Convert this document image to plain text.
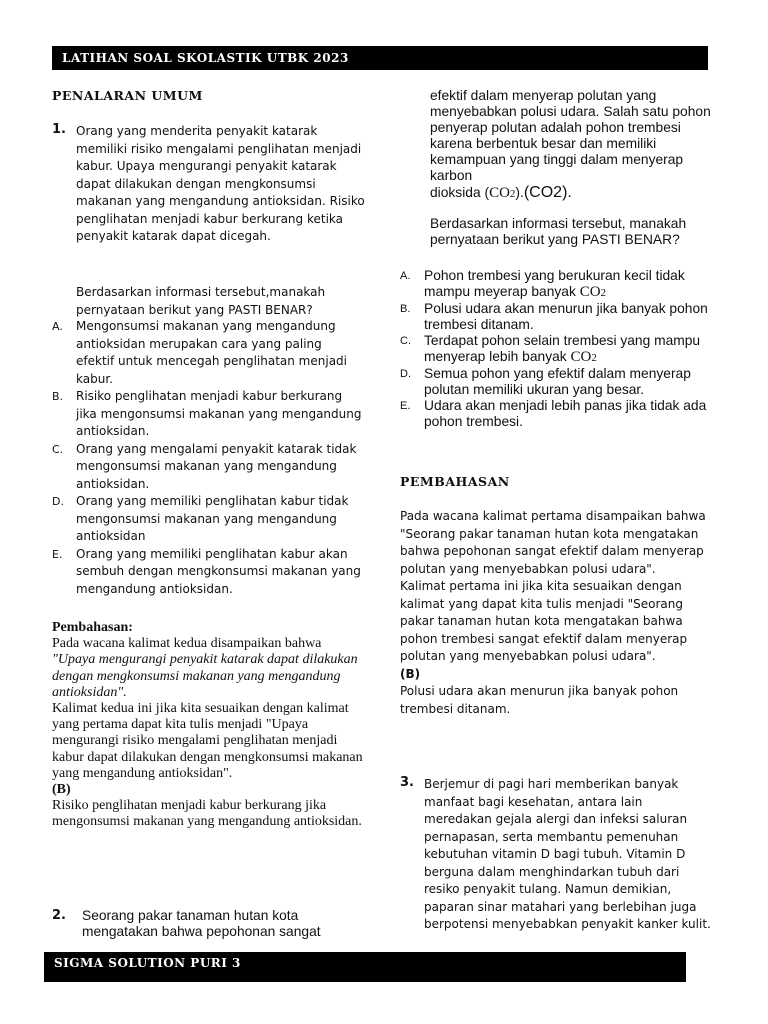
LATIHAN SOAL SKOLASTIK UTBK 2023
PENALARAN UMUM
1. Orang yang menderita penyakit katarak memiliki risiko mengalami penglihatan menjadi kabur. Upaya mengurangi penyakit katarak dapat dilakukan dengan mengkonsumsi makanan yang mengandung antioksidan. Risiko penglihatan menjadi kabur berkurang ketika penyakit katarak dapat dicegah.
Berdasarkan informasi tersebut,manakah pernyataan berikut yang PASTI BENAR?
A. Mengonsumsi makanan yang mengandung antioksidan merupakan cara yang paling efektif untuk mencegah penglihatan menjadi kabur.
B. Risiko penglihatan menjadi kabur berkurang jika mengonsumsi makanan yang mengandung antioksidan.
C. Orang yang mengalami penyakit katarak tidak mengonsumsi makanan yang mengandung antioksidan.
D. Orang yang memiliki penglihatan kabur tidak mengonsumsi makanan yang mengandung antioksidan
E. Orang yang memiliki penglihatan kabur akan sembuh dengan mengkonsumsi makanan yang mengandung antioksidan.

Pembahasan:

Pada wacana kalimat kedua disampaikan bahwa

"Upaya mengurangi penyakit katarak dapat dilakukan dengan mengkonsumsi makanan yang mengandung antioksidan".

Kalimat kedua ini jika kita sesuaikan dengan kalimat yang pertama dapat kita tulis menjadi "Upaya mengurangi risiko mengalami penglihatan menjadi kabur dapat dilakukan dengan mengkonsumsi makanan yang mengandung antioksidan".

(B)

Risiko penglihatan menjadi kabur berkurang jika mengonsumsi makanan yang mengandung antioksidan.

2. Seorang pakar tanaman hutan kota mengatakan bahwa pepohonan sangat

efektif dalam menyerap polutan yang menyebabkan polusi udara. Salah satu pohon penyerap polutan adalah pohon trembesi karena berbentuk besar dan memiliki kemampuan yang tinggi dalam menyerap karbon

dioksida (CO2).(CO2).

Berdasarkan informasi tersebut, manakah pernyataan berikut yang PASTI BENAR?

A. Pohon trembesi yang berukuran kecil tidak mampu meyerap banyak CO2
B. Polusi udara akan menurun jika banyak pohon trembesi ditanam.
C. Terdapat pohon selain trembesi yang mampu menyerap lebih banyak CO2
D. Semua pohon yang efektif dalam menyerap polutan memiliki ukuran yang besar.
E. Udara akan menjadi lebih panas jika tidak ada pohon trembesi.
PEMBAHASAN

Pada wacana kalimat pertama disampaikan bahwa "Seorang pakar tanaman hutan kota mengatakan bahwa pepohonan sangat efektif dalam menyerap polutan yang menyebabkan polusi udara".

Kalimat pertama ini jika kita sesuaikan dengan kalimat yang dapat kita tulis menjadi "Seorang pakar tanaman hutan kota mengatakan bahwa pohon trembesi sangat efektif dalam menyerap polutan yang menyebabkan polusi udara".

(B)

Polusi udara akan menurun jika banyak pohon trembesi ditanam.

3. Berjemur di pagi hari memberikan banyak manfaat bagi kesehatan, antara lain meredakan gejala alergi dan infeksi saluran pernapasan, serta membantu pemenuhan kebutuhan vitamin D bagi tubuh. Vitamin D berguna dalam menghindarkan tubuh dari resiko penyakit tulang. Namun demikian, paparan sinar matahari yang berlebihan juga berpotensi menyebabkan penyakit kanker kulit.
SIGMA SOLUTION PURI 3
